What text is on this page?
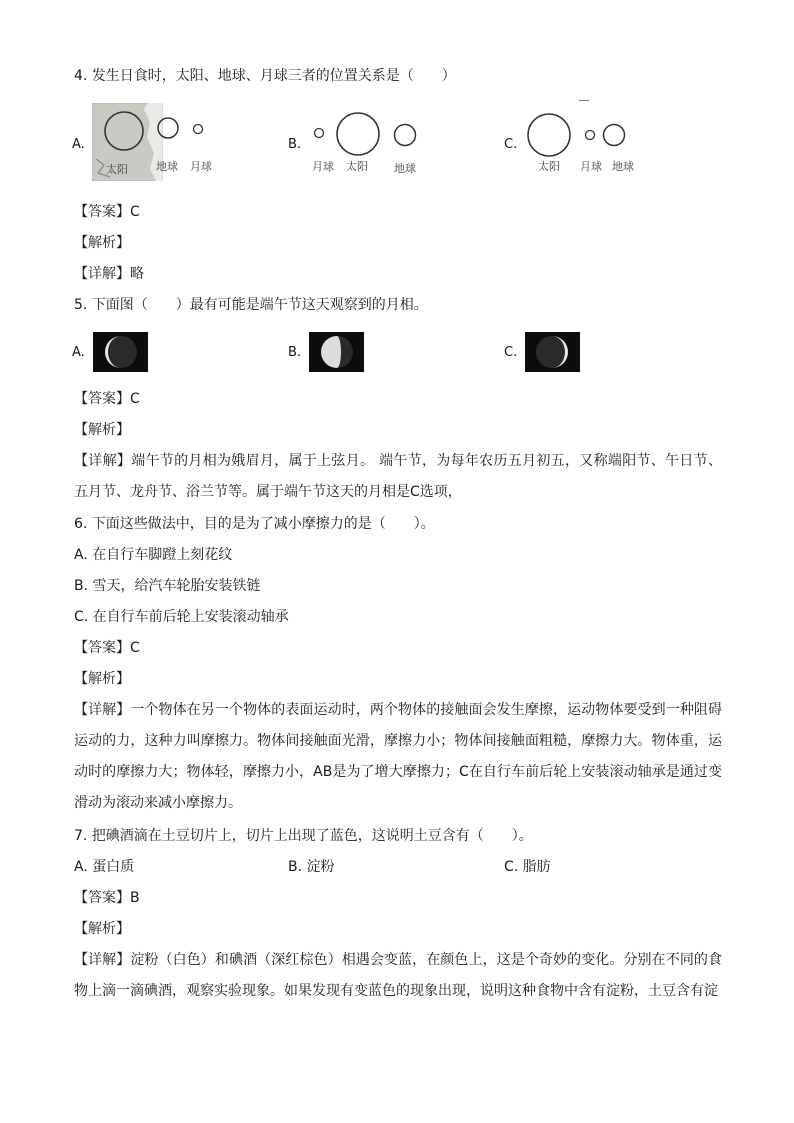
4. 发生日食时，太阳、地球、月球三者的位置关系是（　　）
A.
太阳	地球 月球
B.
月球 太阳 地球
C.
太阳 月球 地球
【答案】C
【解析】
【详解】略
5. 下面图（　　）最有可能是端午节这天观察到的月相。
A.	B.	C.
【答案】C
【解析】
【详解】端午节的月相为娥眉月，属于上弦月。 端午节，为每年农历五月初五，又称端阳节、午日节、五月节、龙舟节、浴兰节等。属于端午节这天的月相是C选项，
6. 下面这些做法中，目的是为了减小摩擦力的是（　　）。
A. 在自行车脚蹬上刻花纹
B. 雪天，给汽车轮胎安装铁链
C. 在自行车前后轮上安装滚动轴承
【答案】C
【解析】
【详解】一个物体在另一个物体的表面运动时，两个物体的接触面会发生摩擦，运动物体要受到一种阻碍运动的力，这种力叫摩擦力。物体间接触面光滑，摩擦力小；物体间接触面粗糙，摩擦力大。物体重，运动时的摩擦力大；物体轻，摩擦力小，AB是为了增大摩擦力；C在自行车前后轮上安装滚动轴承是通过变滑动为滚动来减小摩擦力。
7. 把碘酒滴在土豆切片上，切片上出现了蓝色，这说明土豆含有（　　）。
A. 蛋白质	B. 淀粉	C. 脂肪
【答案】B
【解析】
【详解】淀粉（白色）和碘酒（深红棕色）相遇会变蓝，在颜色上，这是个奇妙的变化。分别在不同的食物上滴一滴碘酒，观察实验现象。如果发现有变蓝色的现象出现，说明这种食物中含有淀粉，土豆含有淀
